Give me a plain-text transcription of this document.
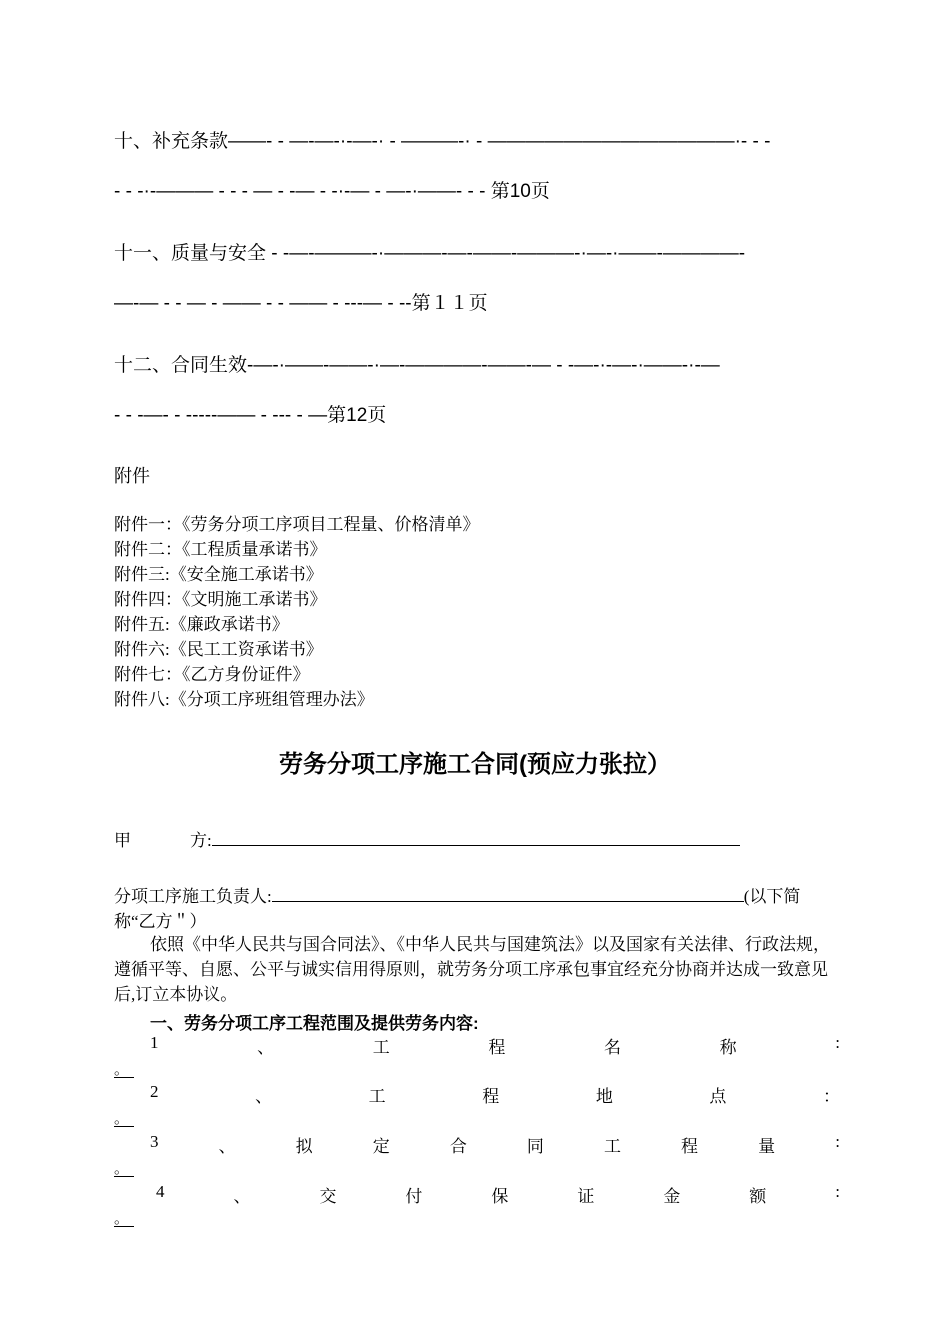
十、补充条款——- - —-—-·-—-· - ———-· - —————————————·- - -
- - -·-——— - - - — - -— - -·-— - —-·——- - - 第10页
十一、质量与安全 - -—-———-·———-—-——-———-·—-·——-————-
—-— - - — - —— - - —— - ---— - --第１１页
十二、合同生效-—-·——-——-·—-————-——-— - -—-·-—-·——-·-—
- - -—- - -----—— - --- - —第12页
附件
附件一：《劳务分项工序项目工程量、价格清单》
附件二：《工程质量承诺书》
附件三:《安全施工承诺书》
附件四：《文明施工承诺书》
附件五:《廉政承诺书》
附件六:《民工工资承诺书》
附件七：《乙方身份证件》
附件八:《分项工序班组管理办法》
劳务分项工序施工合同(预应力张拉）
甲	方:
分项工序施工负责人:	(以下简
称“乙方＂）
依照《中华人民共与国合同法》、《中华人民共与国建筑法》以及国家有关法律、行政法规，遵循平等、自愿、公平与诚实信用得原则，就劳务分项工序承包事宜经充分协商并达成一致意见后,订立本协议。
一、劳务分项工序工程范围及提供劳务内容:
1	、	工	程	名	称	:
。
2	、	工	程	地	点	：
。
3	、	拟	定	合	同	工	程	量	:
。
4	、	交	付	保	证	金	额	:
。
